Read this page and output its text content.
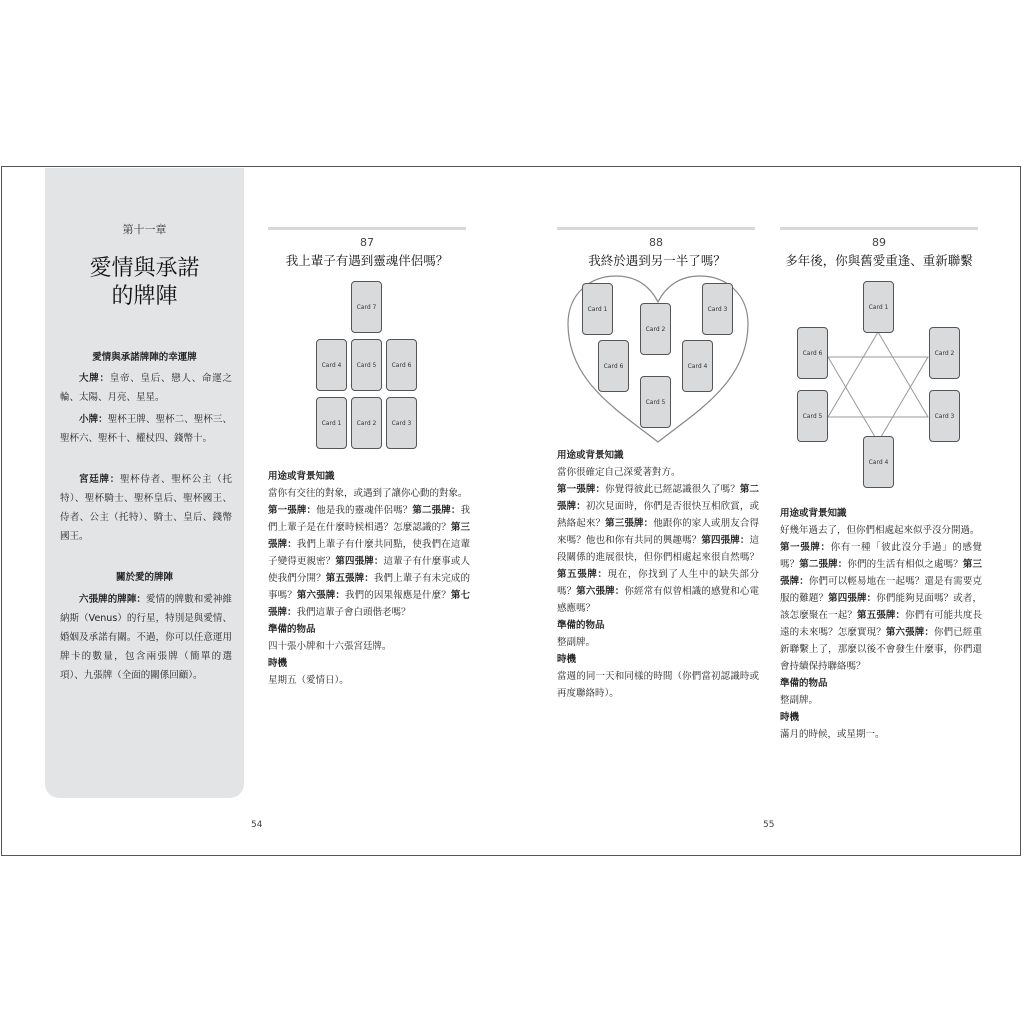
第十一章
愛情與承諾
的牌陣
愛情與承諾牌陣的幸運牌
大牌：皇帝、皇后、戀人、命運之輪、太陽、月亮、星星。
小牌：聖杯王牌、聖杯二、聖杯三、聖杯六、聖杯十、權杖四、錢幣十。
宮廷牌：聖杯侍者、聖杯公主（托特）、聖杯騎士、聖杯皇后、聖杯國王、侍者、公主（托特）、騎士、皇后、錢幣國王。
關於愛的牌陣
六張牌的牌陣：愛情的牌數和愛神維納斯（Venus）的行星，特別是與愛情、婚姻及承諾有關。不過，你可以任意運用牌卡的數量，包含兩張牌（簡單的選項）、九張牌（全面的關係回顧）。
87
我上輩子有遇到靈魂伴侶嗎？
Card 7
Card 4	Card 5	Card 6
Card 1	Card 2	Card 3
用途或背景知識
當你有交往的對象，或遇到了讓你心動的對象。
第一張牌：他是我的靈魂伴侶嗎？第二張牌：我們上輩子是在什麼時候相遇？怎麼認識的？第三張牌：我們上輩子有什麼共同點，使我們在這輩子變得更親密？第四張牌：這輩子有什麼事或人使我們分開？第五張牌：我們上輩子有未完成的事嗎？第六張牌：我們的因果報應是什麼？第七張牌：我們這輩子會白頭偕老嗎？
準備的物品
四十張小牌和十六張宮廷牌。
時機
星期五（愛情日）。
54
88
我終於遇到另一半了嗎？
Card 1	Card 3
Card 2
Card 6	Card 4
Card 5
用途或背景知識
當你很確定自己深愛著對方。
第一張牌：你覺得彼此已經認識很久了嗎？第二張牌：初次見面時，你們是否很快互相欣賞，或熱絡起來？第三張牌：他跟你的家人或朋友合得來嗎？他也和你有共同的興趣嗎？第四張牌：這段關係的進展很快，但你們相處起來很自然嗎？第五張牌：現在，你找到了人生中的缺失部分嗎？第六張牌：你經常有似曾相識的感覺和心電感應嗎？
準備的物品
整副牌。
時機
當週的同一天和同樣的時間（你們當初認識時或再度聯絡時）。
89
多年後，你與舊愛重逢、重新聯繫
Card 1
Card 6	Card 2
Card 5	Card 3
Card 4
用途或背景知識
好幾年過去了，但你們相處起來似乎沒分開過。
第一張牌：你有一種「彼此沒分手過」的感覺嗎？第二張牌：你們的生活有相似之處嗎？第三張牌：你們可以輕易地在一起嗎？還是有需要克服的難題？第四張牌：你們能夠見面嗎？或者，該怎麼聚在一起？第五張牌：你們有可能共度長遠的未來嗎？怎麼實現？第六張牌：你們已經重新聯繫上了，那麼以後不會發生什麼事，你們還會持續保持聯絡嗎？
準備的物品
整副牌。
時機
滿月的時候，或星期一。
55
